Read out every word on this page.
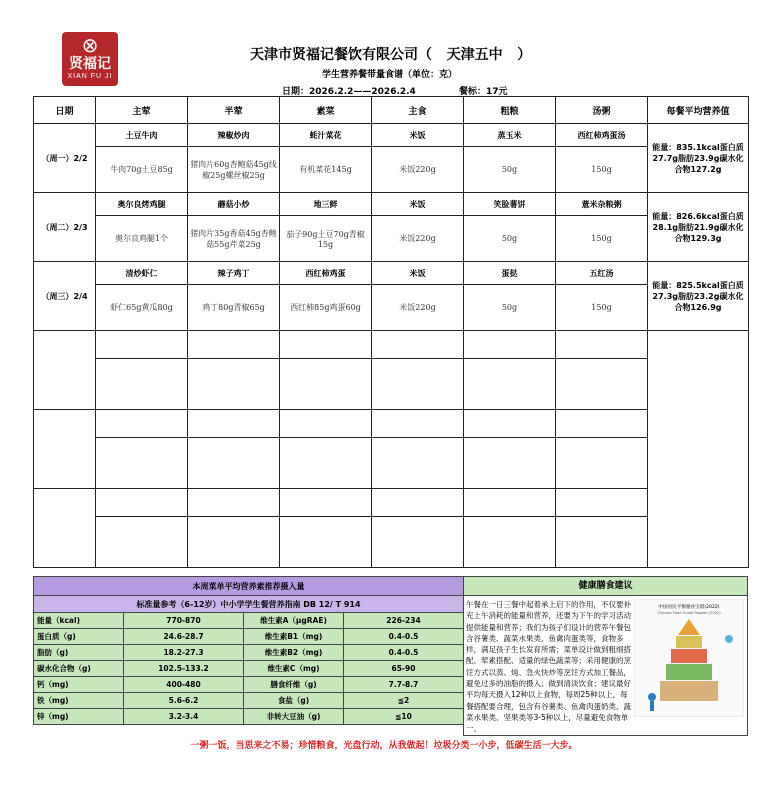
⊗
贤福记
XIAN FU JI
天津市贤福记餐饮有限公司（   天津五中   ）
学生营养餐带量食谱（单位：克）
日期：2026.2.2——2026.2.4	餐标：17元
日期	主荤	半荤	素菜	主食	粗粮	汤粥	每餐平均营养值
（周一）2/2	土豆牛肉	辣椒炒肉	蚝汁菜花	米饭	蒸玉米	西红柿鸡蛋汤	能量：835.1kcal蛋白质27.7g脂肪23.9g碳水化合物127.2g
	牛肉70g土豆85g	猪肉片60g杏鲍菇45g线椒25g螺丝椒25g	有机菜花145g	米饭220g	50g	150g	
（周二）2/3	奥尔良烤鸡腿	蘑菇小炒	地三鲜	米饭	笑脸薯饼	薏米杂粮粥	能量：826.6kcal蛋白质28.1g脂肪21.9g碳水化合物129.3g
	奥尔良鸡腿1个	猪肉片35g香菇45g杏鲍菇55g芹菜25g	茄子90g土豆70g青椒15g	米饭220g	50g	150g	
（周三）2/4	清炒虾仁	辣子鸡丁	西红柿鸡蛋	米饭	蛋挞	五红汤	能量：825.5kcal蛋白质27.3g脂肪23.2g碳水化合物126.9g
	虾仁65g黄瓜80g	鸡丁80g青椒65g	西红柿85g鸡蛋60g	米饭220g	50g	150g	

本周菜单平均营养素推荐摄入量			
标准量参考（6-12岁）中小学学生餐营养指南 DB 12/ T 914			
能量（kcal)	770-870	维生素A（μgRAE)	226-234
蛋白质（g)	24.6-28.7	维生素B1（mg)	0.4-0.5
脂肪（g)	18.2-27.3	维生素B2（mg)	0.4-0.5
碳水化合物（g)	102.5-133.2	维生素C（mg)	65-90
钙（mg)	400-480	膳食纤维（g)	7.7-8.7
铁（mg)	5.6-6.2	食盐（g)	≦2
锌（mg)	3.2-3.4	非转大豆油（g)	≦10
健康膳食建议
午餐在一日三餐中起着承上启下的作用，不仅要补充上午消耗的能量和营养，还要为下午的学习活动提供能量和营养；我们为孩子们设计的营养午餐包含谷薯类、蔬菜水果类、鱼禽肉蛋类等，食物多样，满足孩子生长发育所需；菜单设计做到粗细搭配、荤素搭配、适量的绿色蔬菜等；采用健康的烹饪方式以蒸、炖、急火快炒等烹饪方式加工餐品，避免过多的油脂的摄入；做到清淡饮食；建议最好平均每天摄入12种以上食物，每周25种以上，每餐搭配要合理，包含有谷薯类、鱼禽肉蛋奶类、蔬菜水果类、坚果类等3-5种以上，尽量避免食物单一。
中国居民平衡膳食宝塔(2022)
Chinese Food Guide Pagoda (2022)
一粥一饭，当思来之不易；珍惜粮食，光盘行动，从我做起！垃圾分类一小步，低碳生活一大步。
